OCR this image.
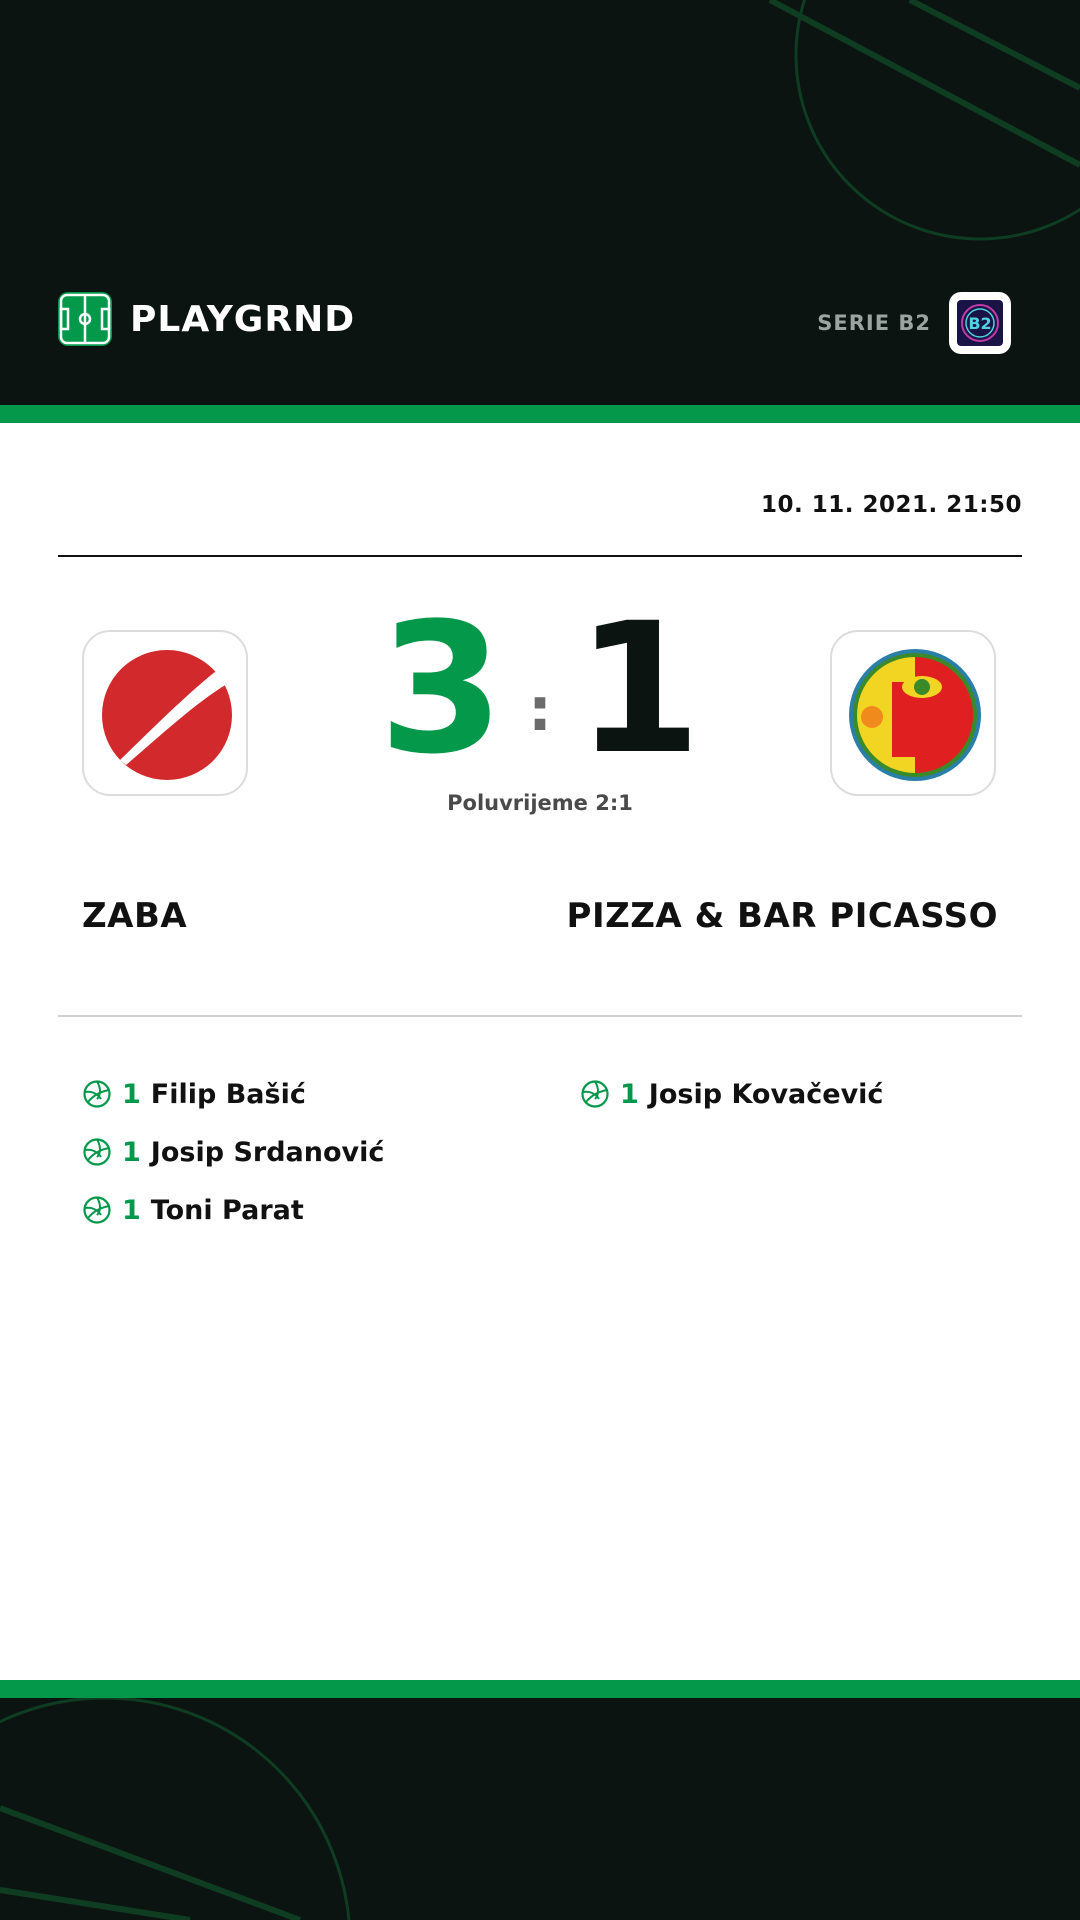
PLAYGRND	SERIE B2 B2
10. 11. 2021. 21:50
3 : 1
Poluvrijeme 2:1
ZABA	PIZZA & BAR PICASSO
1 Filip Bašić
1 Josip Srdanović
1 Toni Parat
1 Josip Kovačević
